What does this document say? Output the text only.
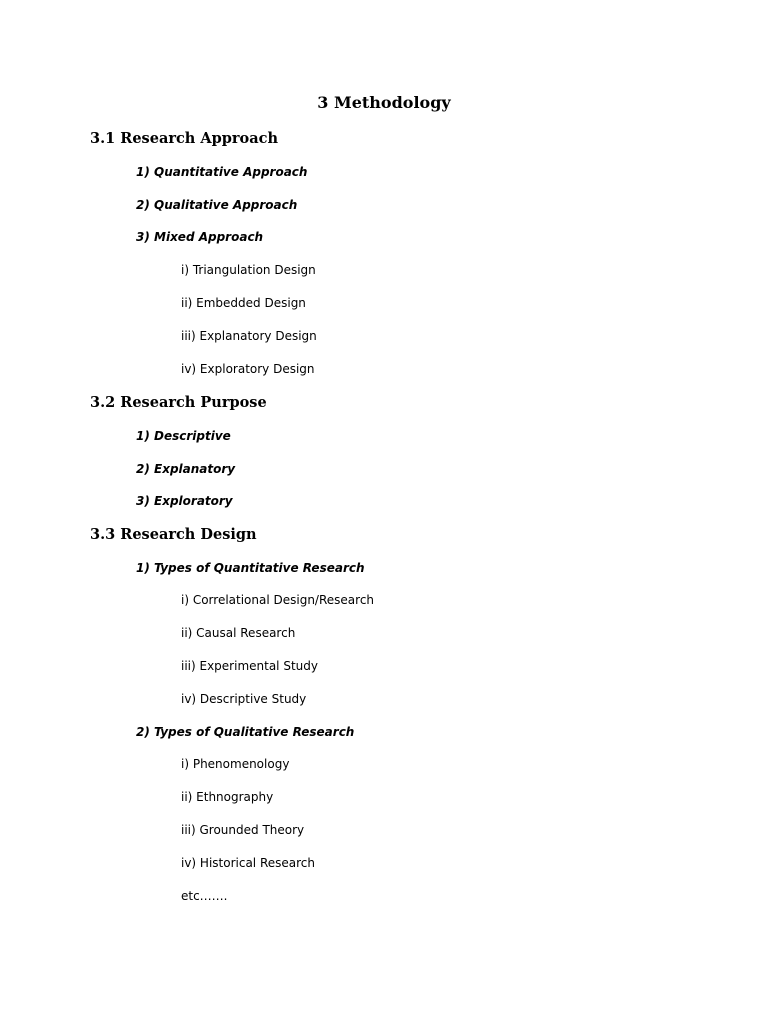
3 Methodology
3.1 Research Approach
1) Quantitative Approach
2) Qualitative Approach
3) Mixed Approach
i) Triangulation Design
ii) Embedded Design
iii) Explanatory Design
iv) Exploratory Design
3.2 Research Purpose
1) Descriptive
2) Explanatory
3) Exploratory
3.3 Research Design
1) Types of Quantitative Research
i) Correlational Design/Research
ii) Causal Research
iii) Experimental Study
iv) Descriptive Study
2) Types of Qualitative Research
i) Phenomenology
ii) Ethnography
iii) Grounded Theory
iv) Historical Research
etc…….
